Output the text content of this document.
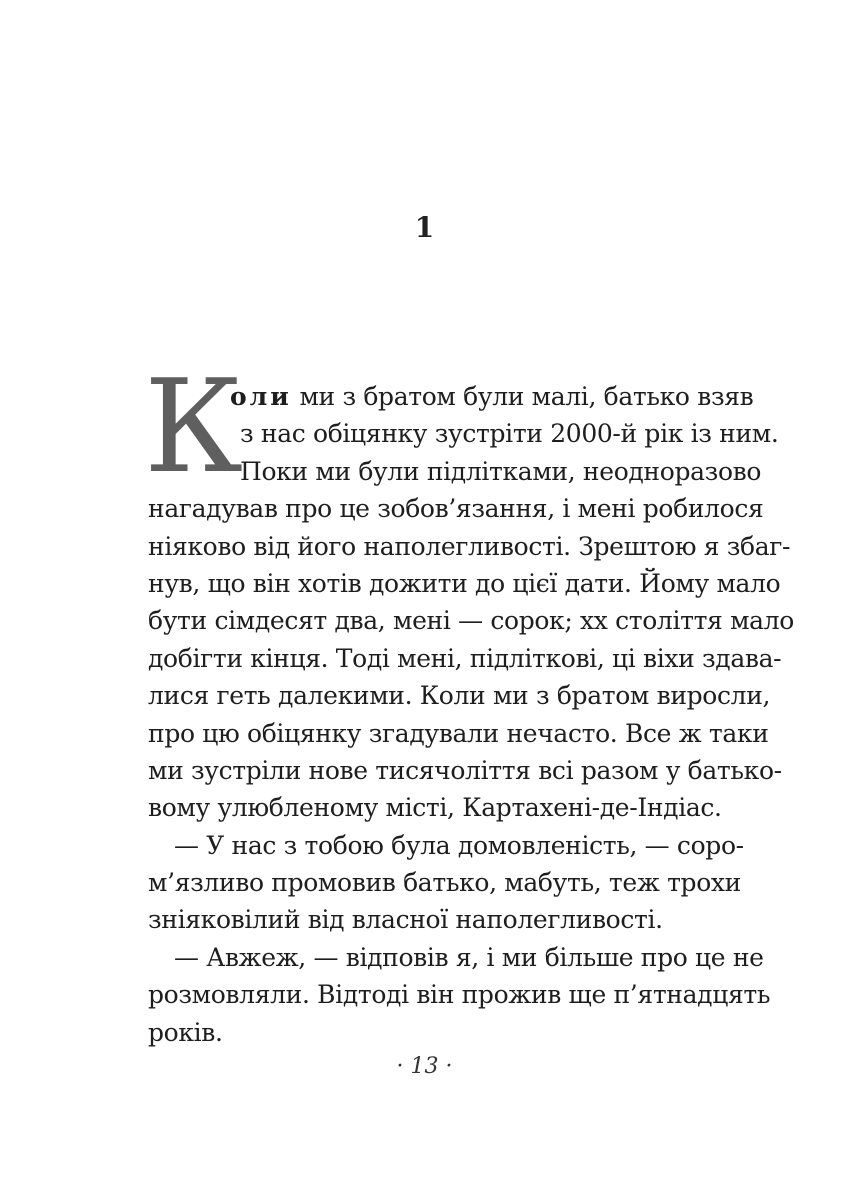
1
К
оли ми з братом були малі, батько взяв
з нас обіцянку зустріти 2000-й рік із ним.
Поки ми були підлітками, неодноразово
нагадував про це зобов’язання, і мені робилося
ніяково від його наполегливості. Зрештою я збаг-
нув, що він хотів дожити до цієї дати. Йому мало
бути сімдесят два, мені — сорок; xx століття мало
добігти кінця. Тоді мені, підліткові, ці віхи здава-
лися геть далекими. Коли ми з братом виросли,
про цю обіцянку згадували нечасто. Все ж таки
ми зустріли нове тисячоліття всі разом у батько-
вому улюбленому місті, Картахені-де-Індіас.
— У нас з тобою була домовленість, — соро-
м’язливо промовив батько, мабуть, теж трохи
зніяковілий від власної наполегливості.
— Авжеж, — відповів я, і ми більше про це не
розмовляли. Відтоді він прожив ще п’ятнадцять
років.
· 13 ·
